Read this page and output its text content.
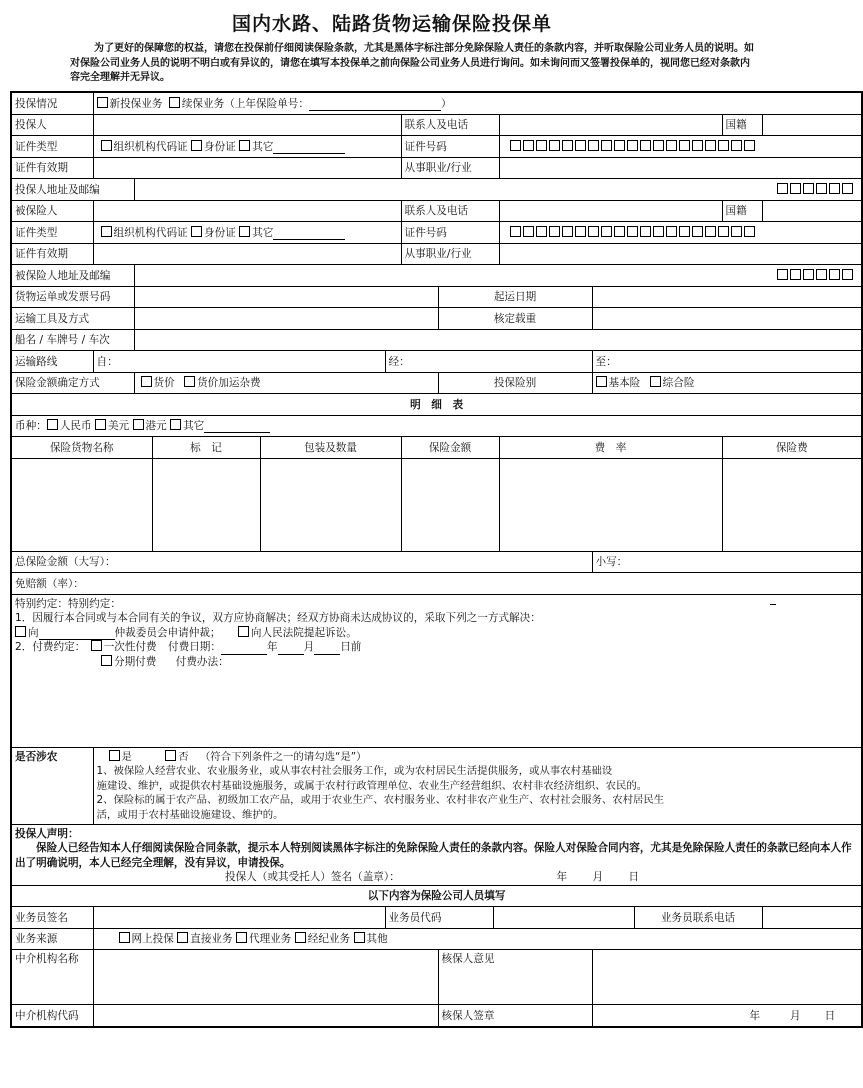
国内水路、陆路货物运输保险投保单
为了更好的保障您的权益，请您在投保前仔细阅读保险条款，尤其是黑体字标注部分免除保险人责任的条款内容，并听取保险公司业务人员的说明。如对保险公司业务人员的说明不明白或有异议的，请您在填写本投保单之前向保险公司业务人员进行询问。如未询问而又签署投保单的，视同您已经对条款内容完全理解并无异议。
投保情况	新投保业务 续保业务（上年保险单号： ）												
投保人						联系人及电话						国籍	
证件类型	组织机构代码证 身份证 其它					证件号码							
证件有效期						从事职业/行业							
投保人地址及邮编													
被保险人						联系人及电话						国籍	
证件类型	组织机构代码证 身份证 其它					证件号码							
证件有效期						从事职业/行业							
被保险人地址及邮编													
货物运单或发票号码							起运日期						
运输工具及方式							核定载重						
船名 / 车牌号 / 车次													
运输路线	自：				经：					至：			
保险金额确定方式		货价 货价加运杂费					投保险别			基本险 综合险			
明　细　表													
币种： 人民币 美元 港元 其它													
保险货物名称			标　记	包装及数量		保险金额			费　率			保险费	

总保险金额（大写）：										小写：			
免赔额（率）：													

特别约定：特别约定：
1．因履行本合同或与本合同有关的争议，双方应协商解决；经双方协商未达成协议的，采取下列之一方式解决：
向 仲裁委员会申请仲裁； 向人民法院提起诉讼。
2．付费约定： 一次性付费 付费日期： 年 月 日前
分期付费 付费办法：													

是否涉农	是 否 （符合下列条件之一的请勾选“是”）
1、被保险人经营农业、农业服务业，或从事农村社会服务工作，或为农村居民生活提供服务，或从事农村基础设
施建设、维护，或提供农村基础设施服务，或属于农村行政管理单位、农业生产经营组织、农村非农经济组织、农民的。
2、保险标的属于农产品、初级加工农产品，或用于农业生产、农村服务业、农村非农产业生产、农村社会服务、农村居民生
活，或用于农村基础设施建设、维护的。												

投保人声明：
保险人已经告知本人仔细阅读保险合同条款，提示本人特别阅读黑体字标注的免除保险人责任的条款内容。保险人对保险合同内容，尤其是免除保险人责任的条款已经向本人作出了明确说明，本人已经完全理解，没有异议，申请投保。
投保人（或其受托人）签名（盖章）： 年 月 日													

以下内容为保险公司人员填写													
业务员签名					业务员代码						业务员联系电话		
业务来源	网上投保 直接业务 代理业务 经纪业务 其他												
中介机构名称							核保人意见						
中介机构代码							核保人签章			年 月 日			
